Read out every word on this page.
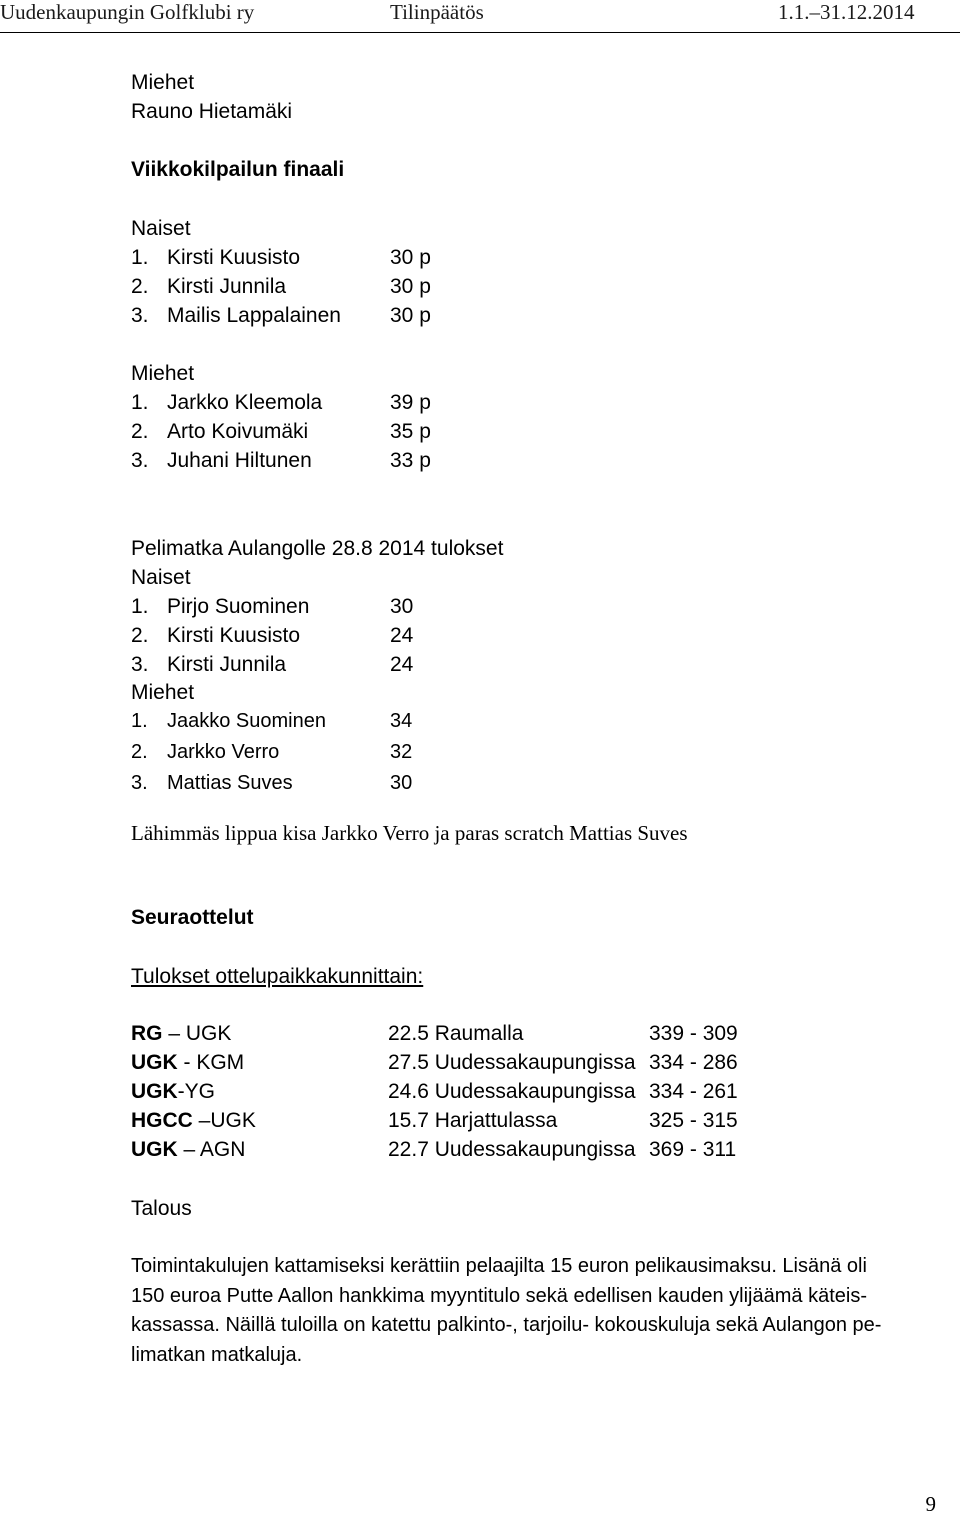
Uudenkaupungin Golfklubi ry	Tilinpäätös	1.1.–31.12.2014
Miehet
Rauno Hietamäki
Viikkokilpailun finaali
Naiset
1. Kirsti Kuusisto	30 p
2. Kirsti Junnila	30 p
3. Mailis Lappalainen 30 p
Miehet
1. Jarkko Kleemola	39 p
2. Arto Koivumäki	35 p
3. Juhani Hiltunen	33 p
Pelimatka Aulangolle 28.8 2014 tulokset
Naiset
1. Pirjo Suominen	30
2. Kirsti Kuusisto	24
3. Kirsti Junnila	24
Miehet
1. Jaakko Suominen	34
2. Jarkko Verro	32
3. Mattias Suves	30
Lähimmäs lippua kisa Jarkko Verro ja paras scratch Mattias Suves
Seuraottelut
Tulokset ottelupaikkakunnittain:
RG – UGK	22.5 Raumalla	339 - 309
UGK - KGM	27.5 Uudessakaupungissa 334 - 286
UGK-YG	24.6 Uudessakaupungissa 334 - 261
HGCC –UGK	15.7 Harjattulassa	325 - 315
UGK – AGN	22.7 Uudessakaupungissa 369 - 311
Talous
Toimintakulujen kattamiseksi kerättiin pelaajilta 15 euron pelikausimaksu. Lisänä oli
150 euroa Putte Aallon hankkima myyntitulo sekä edellisen kauden ylijäämä käteis-
kassassa. Näillä tuloilla on katettu palkinto-, tarjoilu- kokouskuluja sekä Aulangon pe-
limatkan matkaluja.
9
